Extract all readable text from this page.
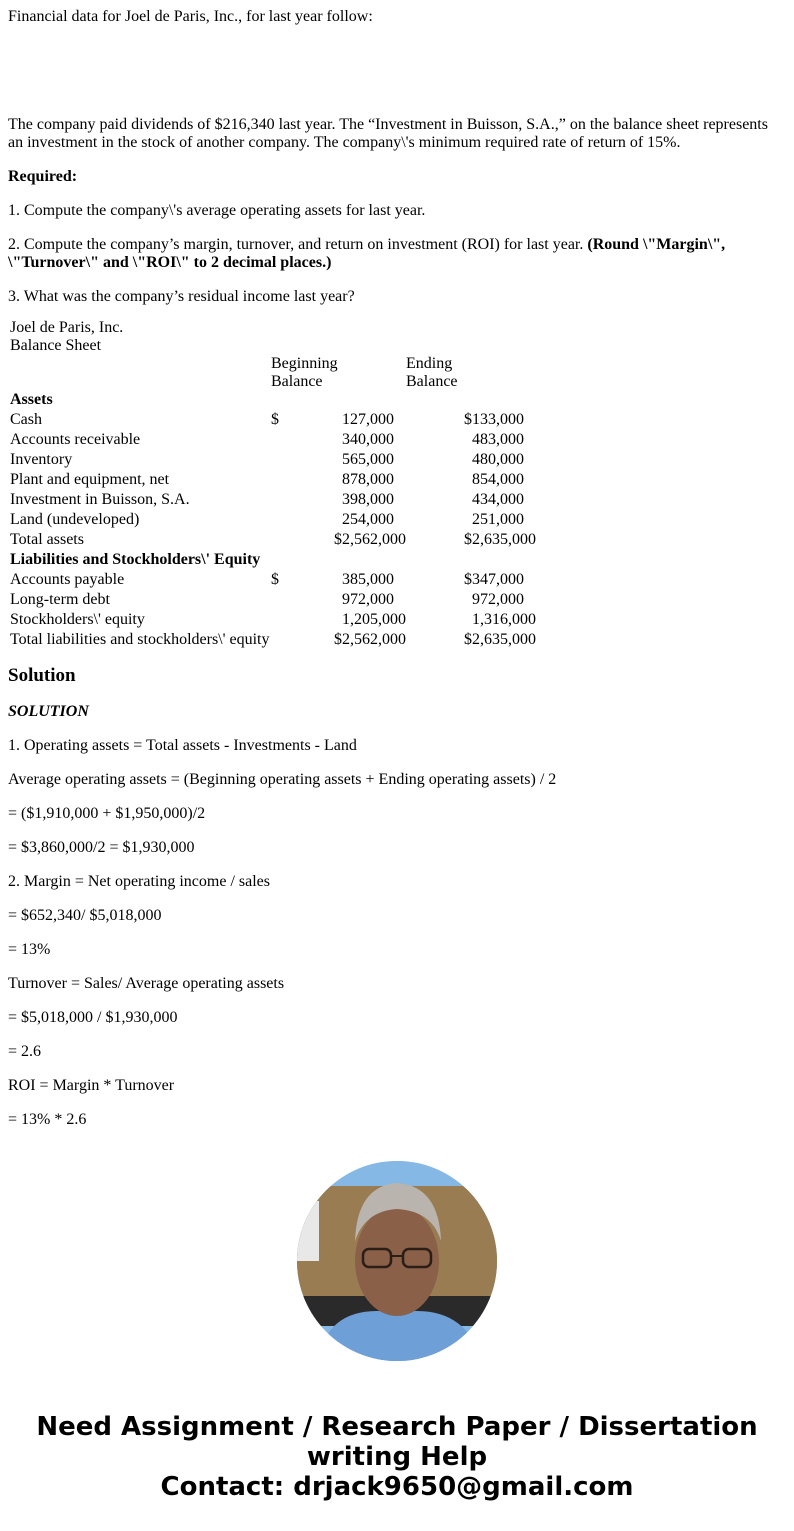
Financial data for Joel de Paris, Inc., for last year follow:

The company paid dividends of $216,340 last year. The “Investment in Buisson, S.A.,” on the balance sheet represents an investment in the stock of another company. The company\'s minimum required rate of return of 15%.

Required:

1. Compute the company\'s average operating assets for last year.

2. Compute the company’s margin, turnover, and return on investment (ROI) for last year. (Round \"Margin\", \"Turnover\" and \"ROI\" to 2 decimal places.)

3. What was the company’s residual income last year?

Joel de Paris, Inc.				
Balance Sheet				
	Beginning		Ending	
	Balance		Balance	
Assets				
Cash	$	127,000		$133,000
Accounts receivable		340,000		483,000
Inventory		565,000		480,000
Plant and equipment, net		878,000		854,000
Investment in Buisson, S.A.		398,000		434,000
Land (undeveloped)		254,000		251,000
Total assets		$2,562,000		$2,635,000
Liabilities and Stockholders\' Equity				
Accounts payable	$	385,000		$347,000
Long-term debt		972,000		972,000
Stockholders\' equity		1,205,000		1,316,000
Total liabilities and stockholders\' equity		$2,562,000		$2,635,000
Solution

SOLUTION

1. Operating assets = Total assets - Investments - Land

Average operating assets = (Beginning operating assets + Ending operating assets) / 2

= ($1,910,000 + $1,950,000)/2

= $3,860,000/2 = $1,930,000

2. Margin = Net operating income / sales

= $652,340/ $5,018,000

= 13%

Turnover = Sales/ Average operating assets

= $5,018,000 / $1,930,000

= 2.6

ROI = Margin * Turnover

= 13% * 2.6

Need Assignment / Research Paper / Dissertation
writing Help
Contact: drjack9650@gmail.com
